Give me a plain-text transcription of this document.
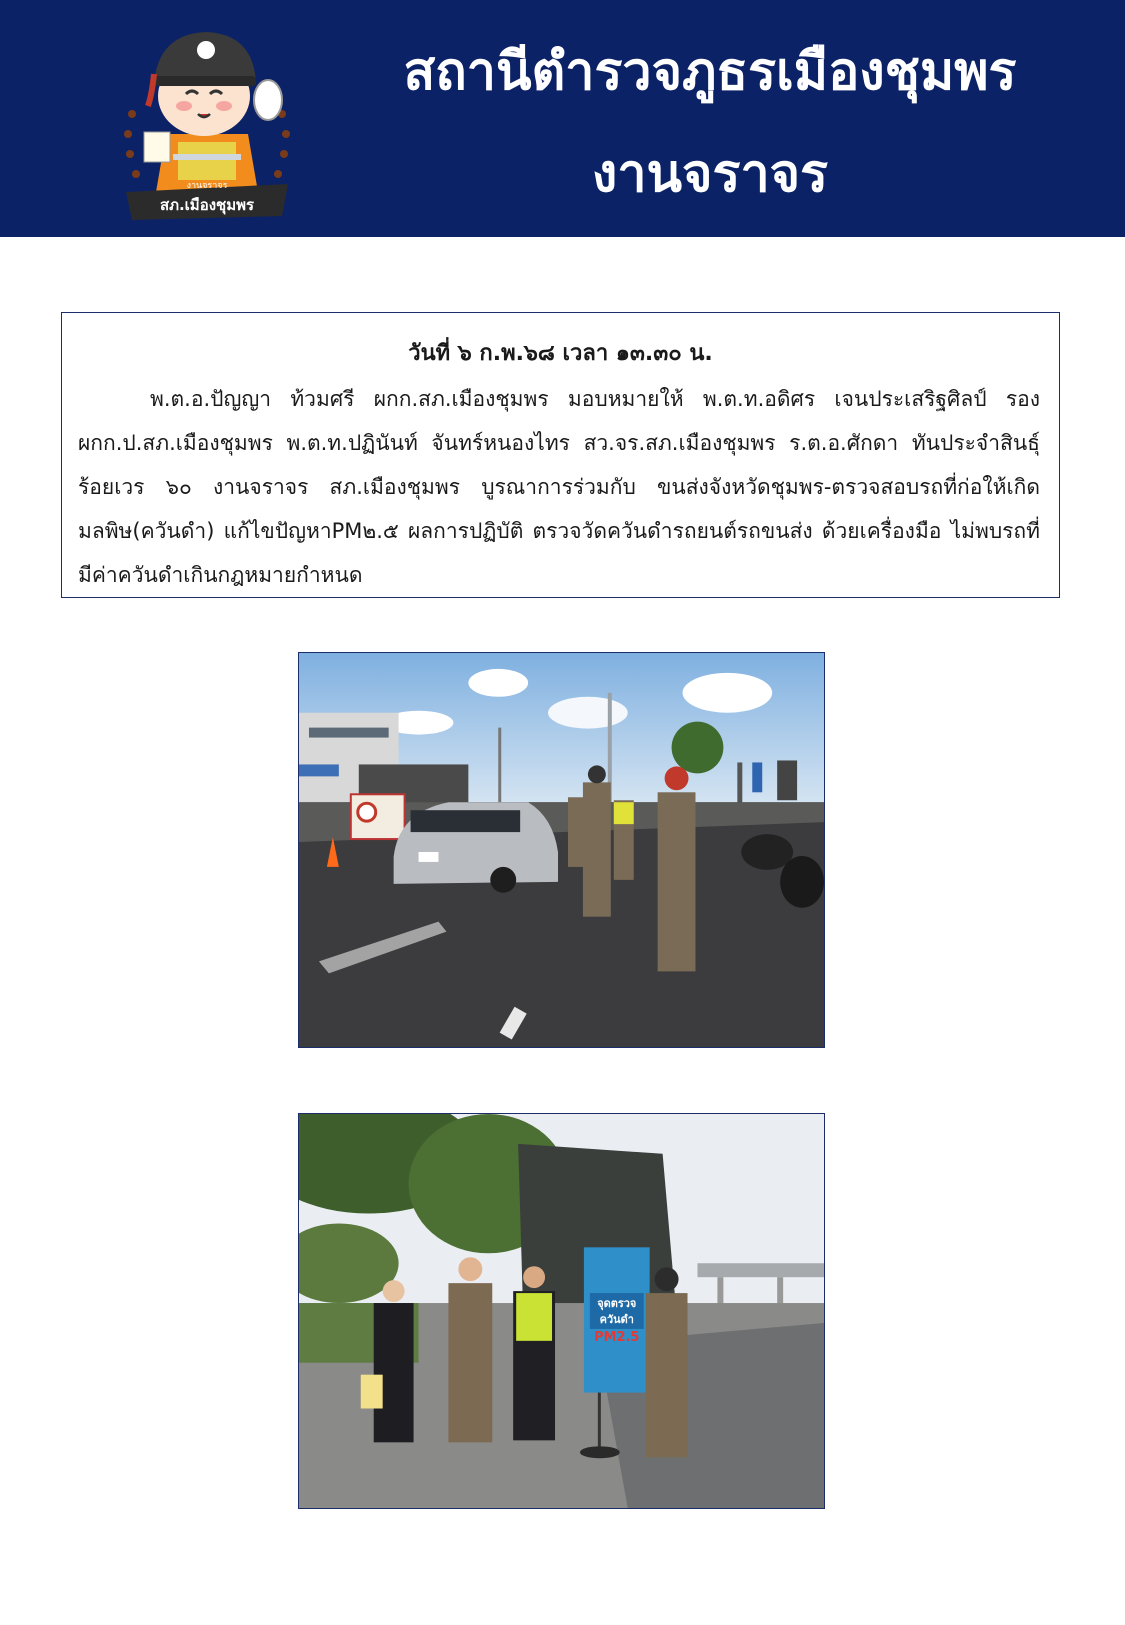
งานจราจร
สภ.เมืองชุมพร
สถานีตำรวจภูธรเมืองชุมพร
งานจราจร
วันที่ ๖ ก.พ.๖๘ เวลา ๑๓.๓๐ น.
พ.ต.อ.ปัญญา ท้วมศรี ผกก.สภ.เมืองชุมพร มอบหมายให้ พ.ต.ท.อดิศร เจนประเสริฐศิลป์ รอง ผกก.ป.สภ.เมืองชุมพร พ.ต.ท.ปฏินันท์ จันทร์หนองไทร สว.จร.สภ.เมืองชุมพร ร.ต.อ.ศักดา ทันประจำสินธุ์ ร้อยเวร ๖๐ งานจราจร สภ.เมืองชุมพร บูรณาการร่วมกับ ขนส่งจังหวัดชุมพร-ตรวจสอบรถที่ก่อให้เกิดมลพิษ(ควันดำ) แก้ไขปัญหาPM๒.๕ ผลการปฏิบัติ ตรวจวัดควันดำรถยนต์รถขนส่ง ด้วยเครื่องมือ ไม่พบรถที่มีค่าควันดำเกินกฎหมายกำหนด
จุดตรวจ
ควันดำ
PM2.5
